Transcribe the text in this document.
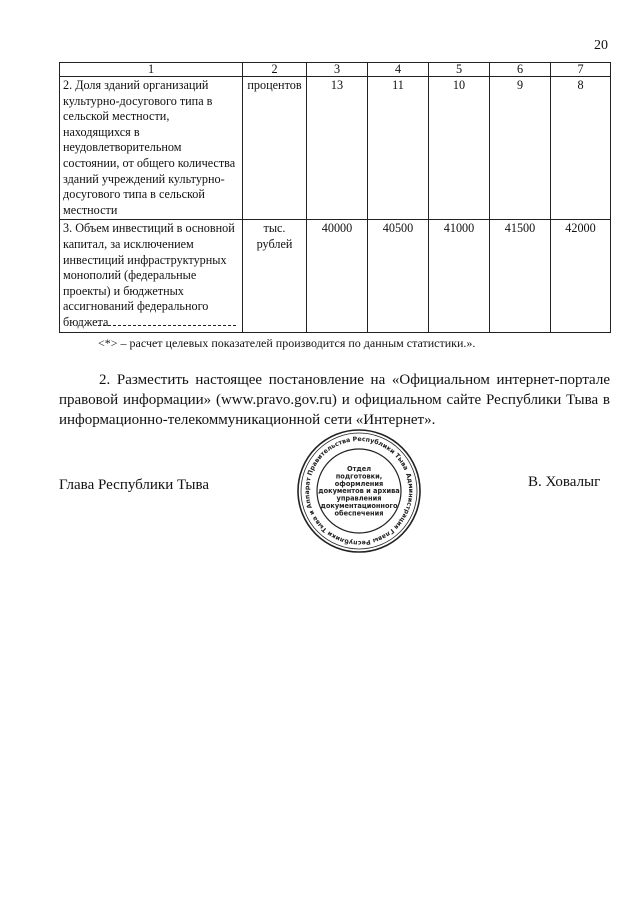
20
1	2	3	4	5	6	7
2. Доля зданий организаций культурно-досугового типа в сельской местности, находящихся в неудовлетворительном состоянии, от общего количества зданий учреждений культурно-досугового типа в сельской местности	процентов	13	11	10	9	8
3. Объем инвестиций в основной капитал, за исключением инвестиций инфраструктурных монополий (федеральные проекты) и бюджетных ассигнований федерального бюджета	тыс. рублей	40000	40500	41000	41500	42000
<*> – расчет целевых показателей производится по данным статистики.».

2. Разместить настоящее постановление на «Официальном интернет-портале правовой информации» (www.pravo.gov.ru) и официальном сайте Республики Тыва в информационно-телекоммуникационной сети «Интернет».

Глава Республики Тыва	В. Ховалыг
Администрация Главы Республики Тыва и Аппарат Правительства Республики Тыва
Отдел
подготовки,
оформления
документов и архива
управления
документационного
обеспечения
